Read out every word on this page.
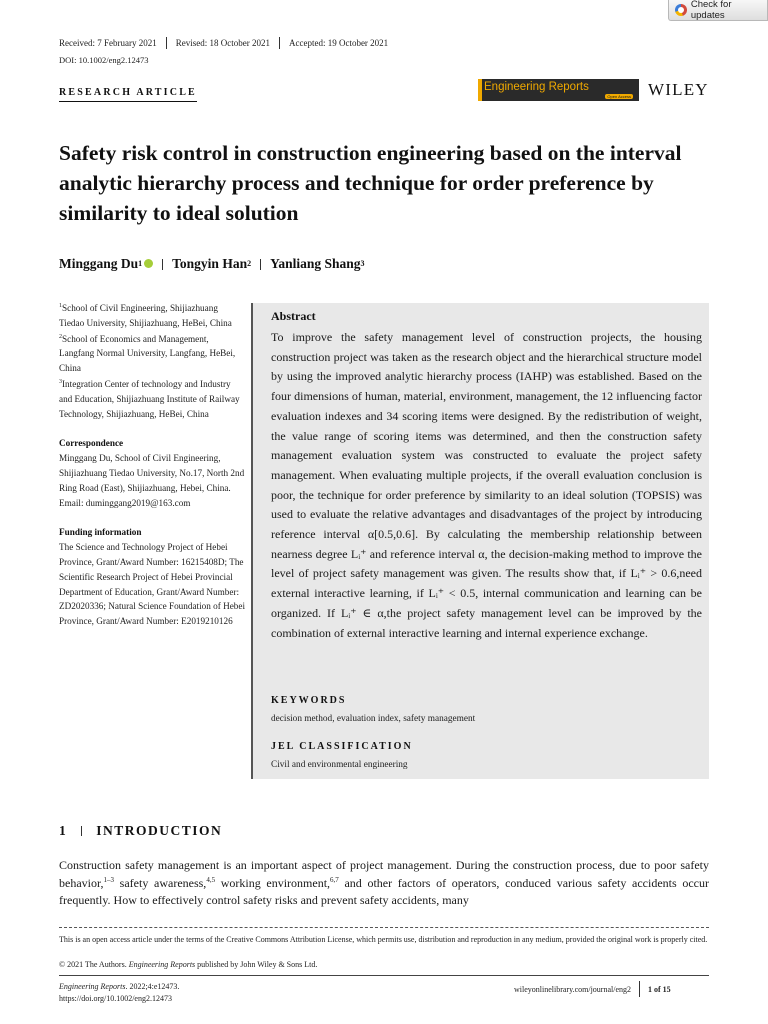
Check for updates
Received: 7 February 2021 Revised: 18 October 2021 Accepted: 19 October 2021
DOI: 10.1002/eng2.12473
RESEARCH ARTICLE	Engineering Reports
Open Access WILEY
Safety risk control in construction engineering based on the interval analytic hierarchy process and technique for order preference by similarity to ideal solution
Minggang Du 1 Tongyin Han 2 Yanliang Shang 3
$^1$School of Civil Engineering, Shijiazhuang Tiedao University, Shijiazhuang, HeBei, China
$^2$School of Economics and Management, Langfang Normal University, Langfang, HeBei, China
$^3$Integration Center of technology and Industry and Education, Shijiazhuang Institute of Railway Technology, Shijiazhuang, HeBei, China
Correspondence
Minggang Du, School of Civil Engineering, Shijiazhuang Tiedao University, No.17, North 2nd Ring Road (East), Shijiazhuang, Hebei, China. Email: duminggang2019@163.com
Funding information
The Science and Technology Project of Hebei Province, Grant/Award Number: 16215408D; The Scientific Research Project of Hebei Provincial Department of Education, Grant/Award Number: ZD2020336; Natural Science Foundation of Hebei Province, Grant/Award Number: E2019210126
Abstract
To improve the safety management level of construction projects, the housing construction project was taken as the research object and the hierarchical structure model by using the improved analytic hierarchy process (IAHP) was established. Based on the four dimensions of human, material, environment, management, the 12 influencing factor evaluation indexes and 34 scoring items were designed. By the redistribution of weight, the value range of scoring items was determined, and then the construction safety management evaluation system was constructed to evaluate the project safety management. When evaluating multiple projects, if the overall evaluation conclusion is poor, the technique for order preference by similarity to an ideal solution (TOPSIS) was used to evaluate the relative advantages and disadvantages of the project by introducing reference interval α[0.5,0.6]. By calculating the membership relationship between nearness degree Lᵢ⁺ and reference interval α, the decision-making method to improve the level of project safety management was given. The results show that, if Lᵢ⁺ > 0.6,need external interactive learning, if Lᵢ⁺ < 0.5, internal communication and learning can be organized. If Lᵢ⁺ ∈ α,the project safety management level can be improved by the combination of external interactive learning and internal experience exchange.
KEYWORDS
decision method, evaluation index, safety management
JEL CLASSIFICATION
Civil and environmental engineering
1 INTRODUCTION

Construction safety management is an important aspect of project management. During the construction process, due to poor safety behavior,$^{1-3}$ safety awareness,$^{4,5}$ working environment,$^{6,7}$ and other factors of operators, conduced various safety accidents occur frequently. How to effectively control safety risks and prevent safety accidents, many

This is an open access article under the terms of the Creative Commons Attribution License, which permits use, distribution and reproduction in any medium, provided the original work is properly cited.
© 2021 The Authors. Engineering Reports published by John Wiley & Sons Ltd.
Engineering Reports. 2022;4:e12473.
https://doi.org/10.1002/eng2.12473
wileyonlinelibrary.com/journal/eng2 1 of 15
